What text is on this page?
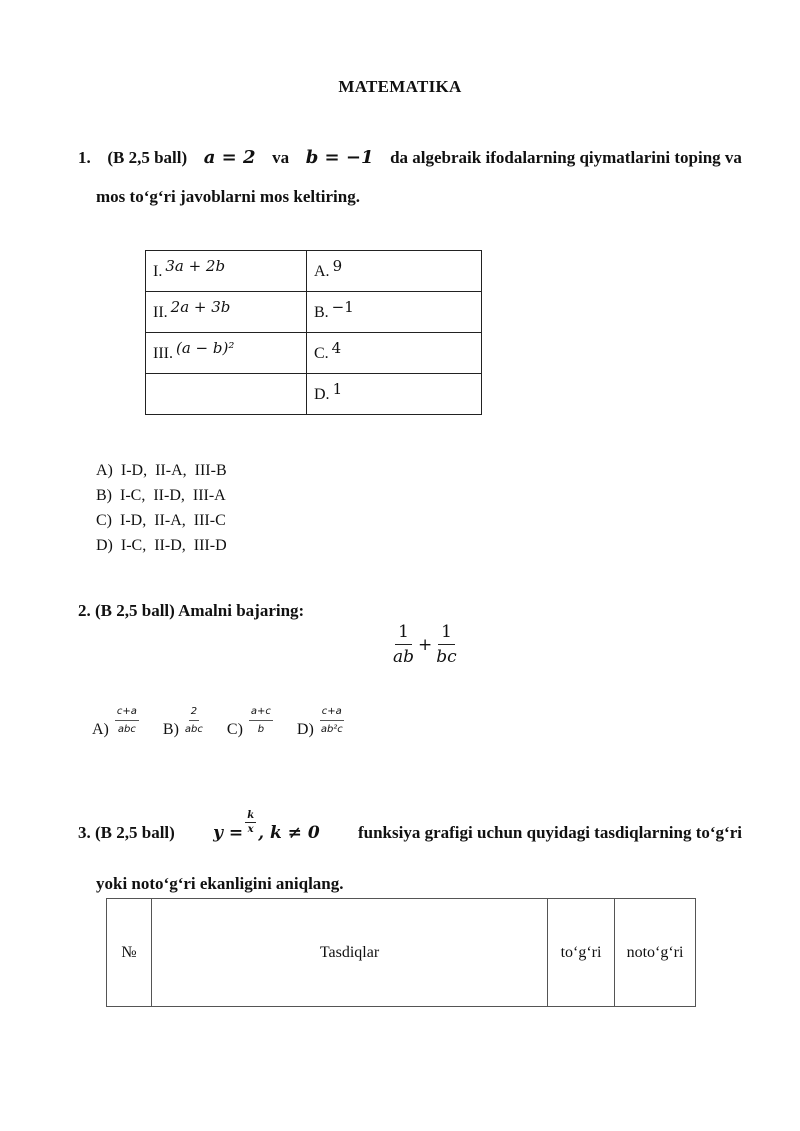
MATEMATIKA
1. (B 2,5 ball) a = 2 va b = −1 da algebraik ifodalarning qiymatlarini toping va
mos to‘g‘ri javoblarni mos keltiring.
I. 3a + 2b	A. 9
II. 2a + 3b	B. −1
III. (a − b)²	C. 4
	D. 1
A)  I-D,  II-A,  III-B
B)  I-C,  II-D,  III-A
C)  I-D,  II-A,  III-C
D)  I-C,  II-D,  III-D
2. (B 2,5 ball) Amalni bajaring:
$\frac{1}{ab} + \frac{1}{bc}$
$A) \frac{c+a}{\text{abc}} B) \frac{2}{\text{abc}} C) \frac{a+c}{b} D) \frac{c+a}{\text{ab²c}}$
3. (B 2,5 ball) $y = \frac{k}{x}$ , k ≠ 0 funksiya grafigi uchun quyidagi tasdiqlarning to‘g‘ri
yoki noto‘g‘ri ekanligini aniqlang.
№	Tasdiqlar	to‘g‘ri	noto‘g‘ri
